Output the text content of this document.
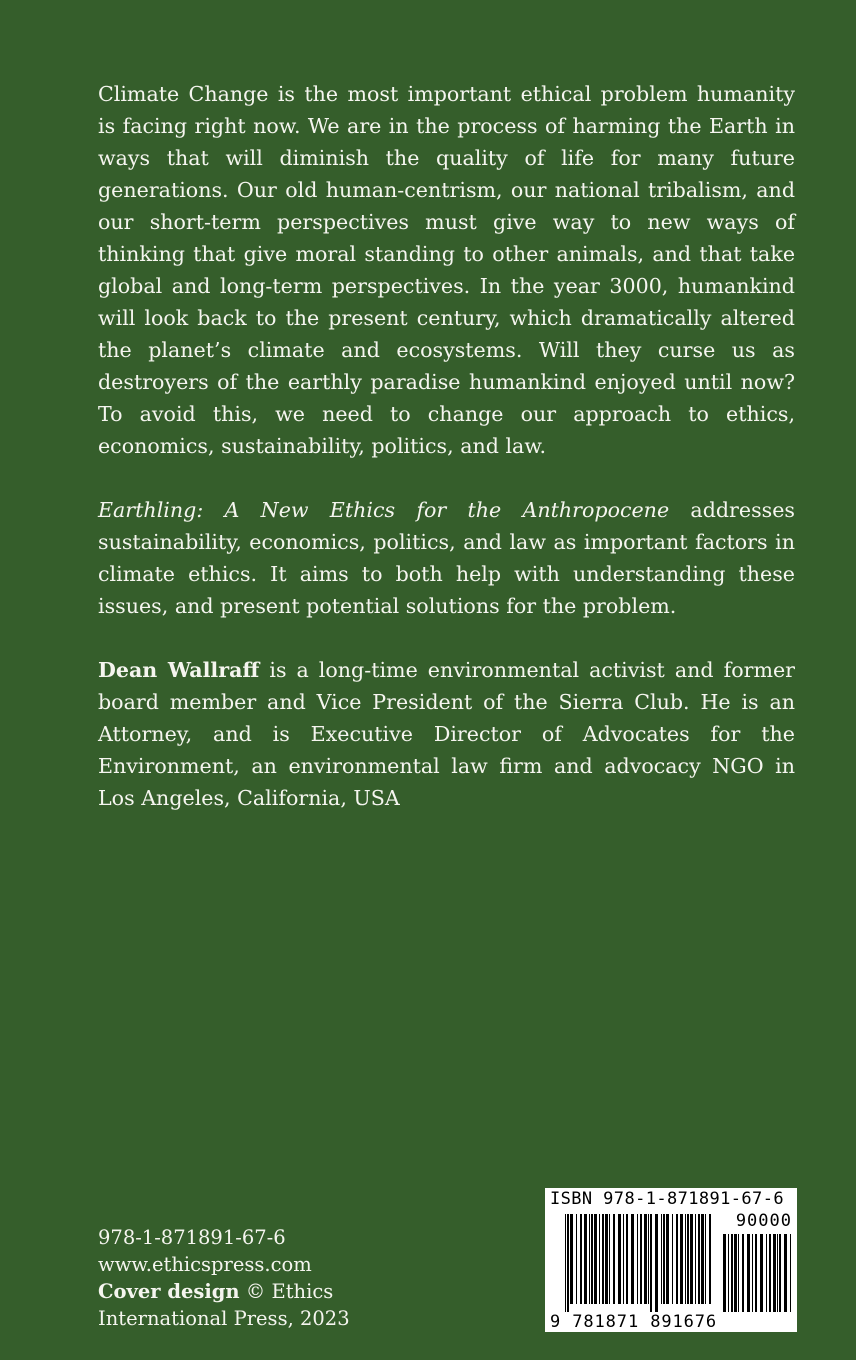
Climate Change is the most important ethical problem humanity is facing right now. We are in the process of harming the Earth in ways that will diminish the quality of life for many future generations. Our old human-centrism, our national tribalism, and our short-term perspectives must give way to new ways of thinking that give moral standing to other animals, and that take global and long-term perspectives. In the year 3000, humankind will look back to the present century, which dramatically altered the planet’s climate and ecosystems. Will they curse us as destroyers of the earthly paradise humankind enjoyed until now? To avoid this, we need to change our approach to ethics, economics, sustainability, politics, and law.

Earthling: A New Ethics for the Anthropocene addresses sustainability, economics, politics, and law as important factors in climate ethics. It aims to both help with understanding these issues, and present potential solutions for the problem.

Dean Wallraff is a long-time environmental activist and former board member and Vice President of the Sierra Club. He is an Attorney, and is Executive Director of Advocates for the Environment, an environmental law firm and advocacy NGO in Los Angeles, California, USA

978-1-871891-67-6
www.ethicspress.com
Cover design © Ethics
International Press, 2023
ISBN 978-1-871891-67-6
90000
9 781871 891676
